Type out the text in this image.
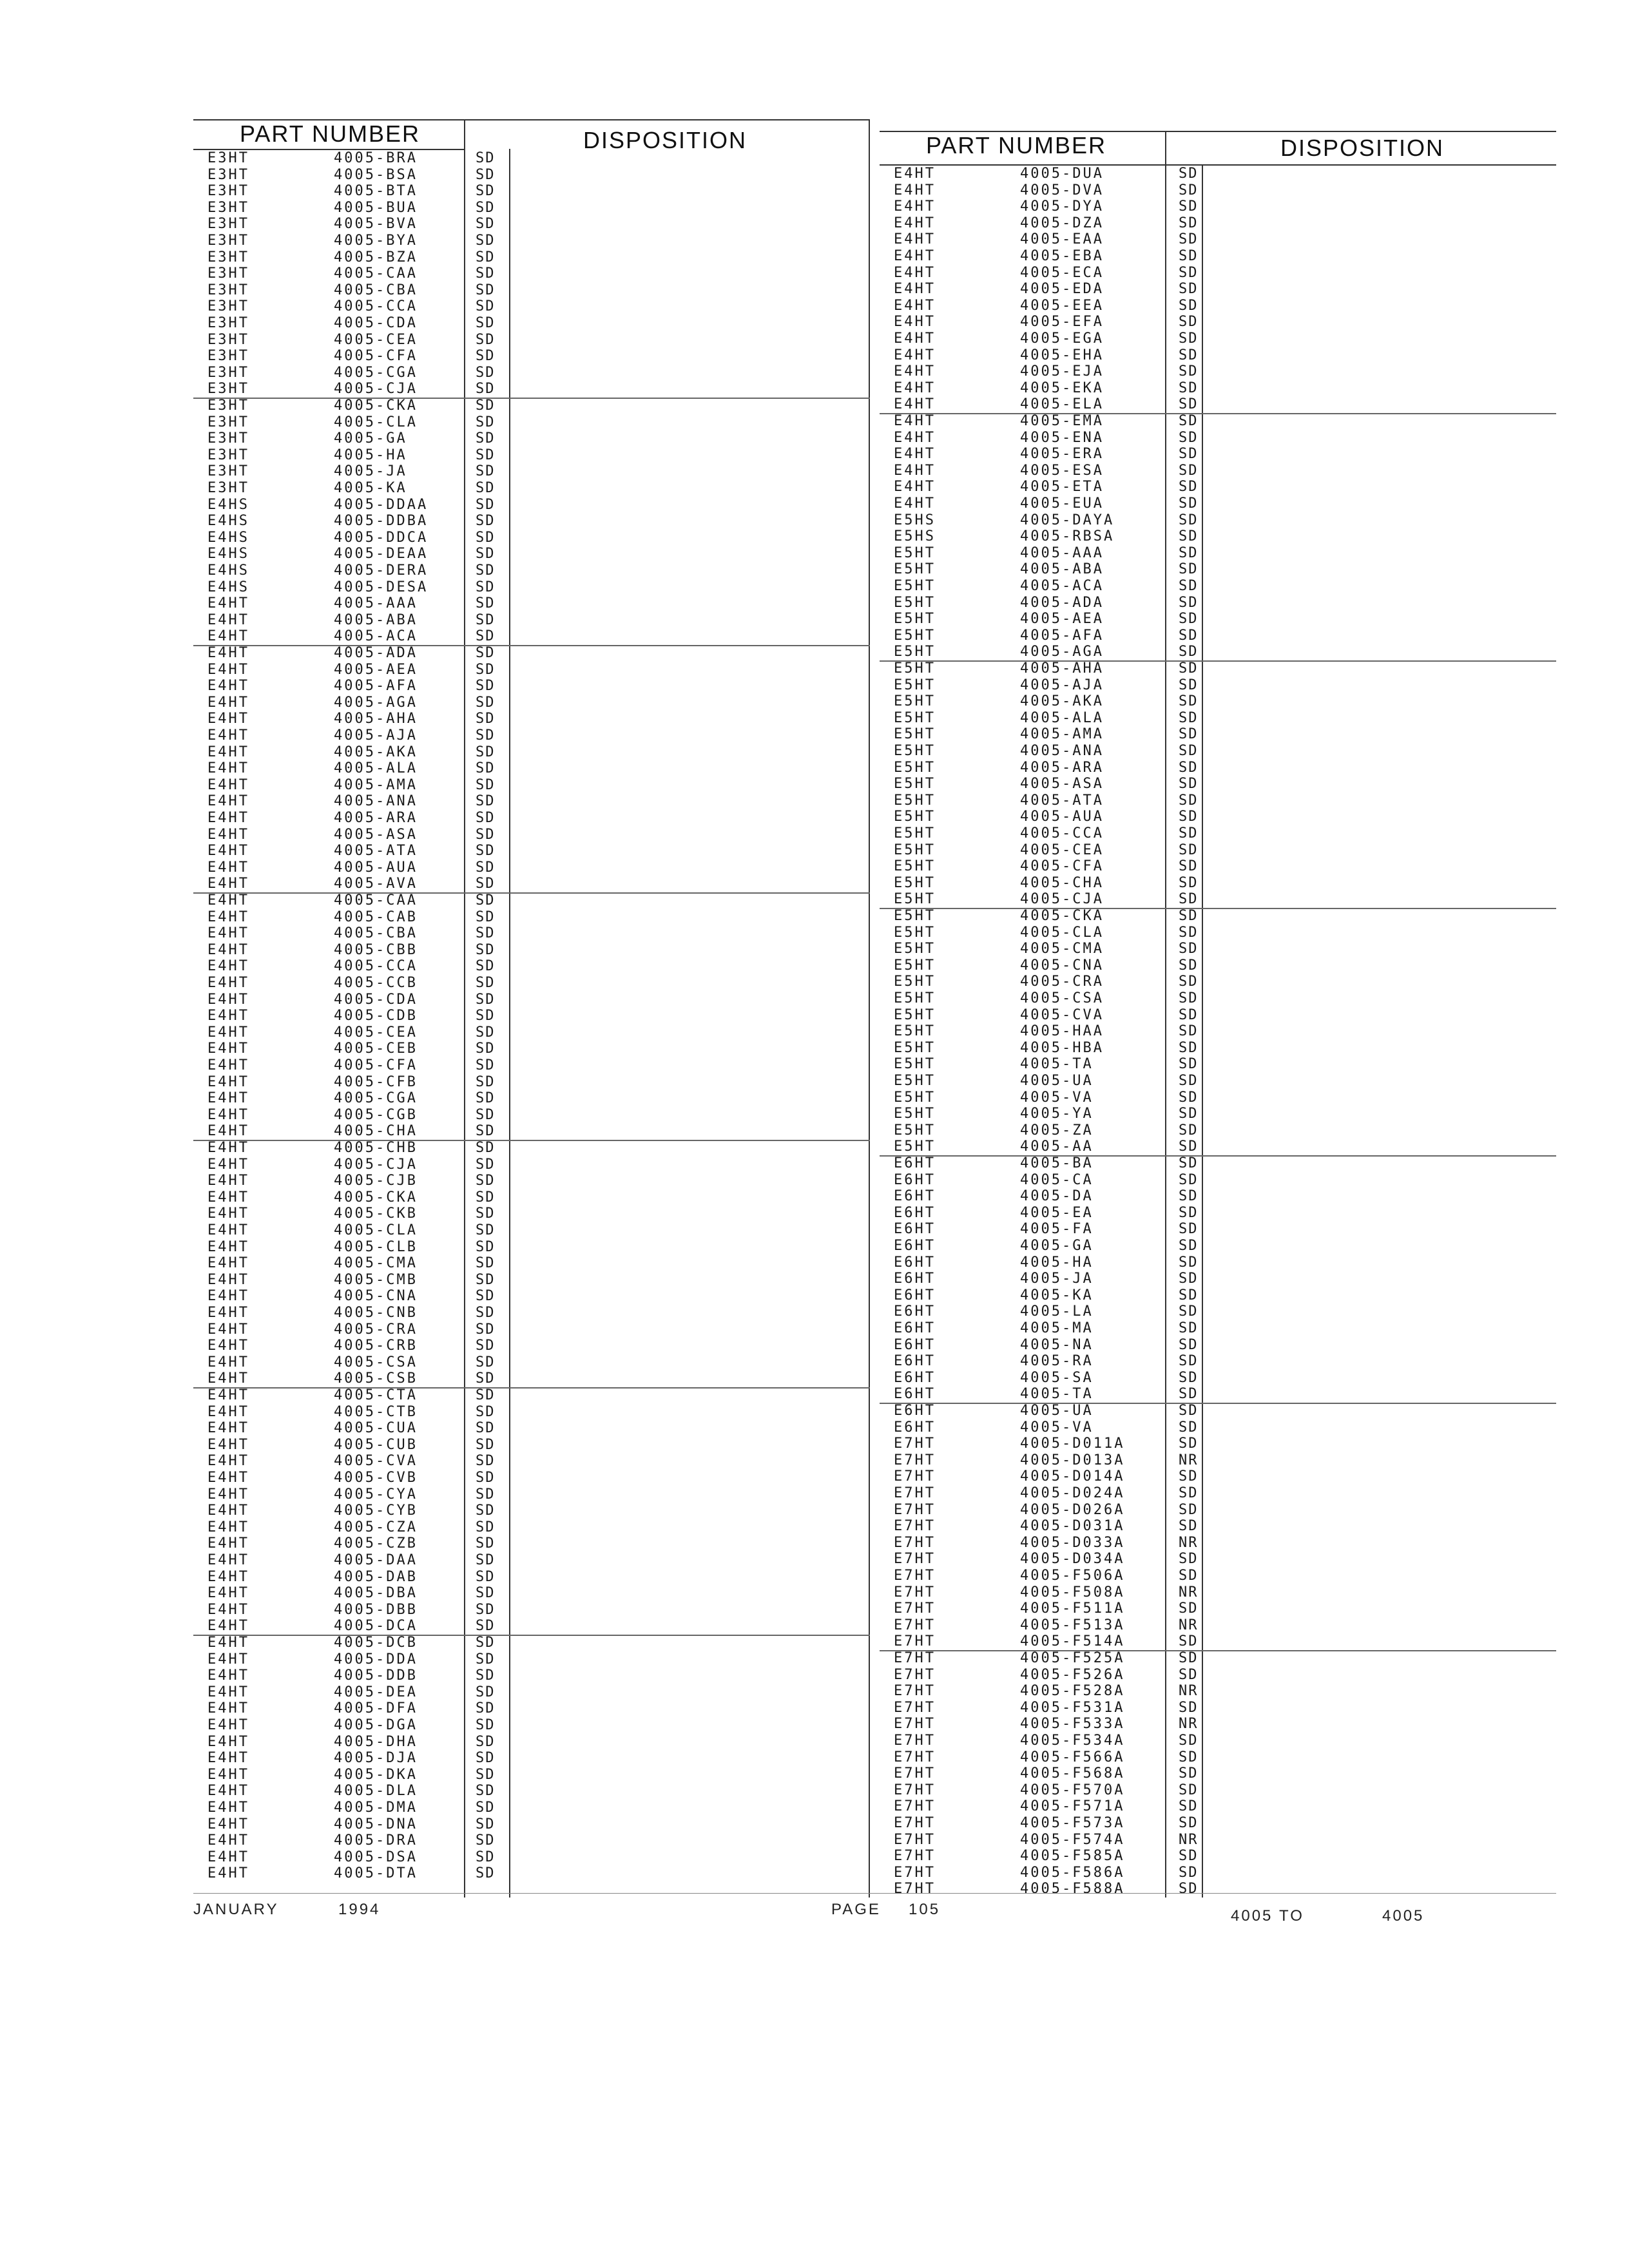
PART NUMBER	DISPOSITION
E3HT	4005-BRA	SD
E3HT	4005-BSA	SD
E3HT	4005-BTA	SD
E3HT	4005-BUA	SD
E3HT	4005-BVA	SD
E3HT	4005-BYA	SD
E3HT	4005-BZA	SD
E3HT	4005-CAA	SD
E3HT	4005-CBA	SD
E3HT	4005-CCA	SD
E3HT	4005-CDA	SD
E3HT	4005-CEA	SD
E3HT	4005-CFA	SD
E3HT	4005-CGA	SD
E3HT	4005-CJA	SD
E3HT	4005-CKA	SD
E3HT	4005-CLA	SD
E3HT	4005-GA	SD
E3HT	4005-HA	SD
E3HT	4005-JA	SD
E3HT	4005-KA	SD
E4HS	4005-DDAA	SD
E4HS	4005-DDBA	SD
E4HS	4005-DDCA	SD
E4HS	4005-DEAA	SD
E4HS	4005-DERA	SD
E4HS	4005-DESA	SD
E4HT	4005-AAA	SD
E4HT	4005-ABA	SD
E4HT	4005-ACA	SD
E4HT	4005-ADA	SD
E4HT	4005-AEA	SD
E4HT	4005-AFA	SD
E4HT	4005-AGA	SD
E4HT	4005-AHA	SD
E4HT	4005-AJA	SD
E4HT	4005-AKA	SD
E4HT	4005-ALA	SD
E4HT	4005-AMA	SD
E4HT	4005-ANA	SD
E4HT	4005-ARA	SD
E4HT	4005-ASA	SD
E4HT	4005-ATA	SD
E4HT	4005-AUA	SD
E4HT	4005-AVA	SD
E4HT	4005-CAA	SD
E4HT	4005-CAB	SD
E4HT	4005-CBA	SD
E4HT	4005-CBB	SD
E4HT	4005-CCA	SD
E4HT	4005-CCB	SD
E4HT	4005-CDA	SD
E4HT	4005-CDB	SD
E4HT	4005-CEA	SD
E4HT	4005-CEB	SD
E4HT	4005-CFA	SD
E4HT	4005-CFB	SD
E4HT	4005-CGA	SD
E4HT	4005-CGB	SD
E4HT	4005-CHA	SD
E4HT	4005-CHB	SD
E4HT	4005-CJA	SD
E4HT	4005-CJB	SD
E4HT	4005-CKA	SD
E4HT	4005-CKB	SD
E4HT	4005-CLA	SD
E4HT	4005-CLB	SD
E4HT	4005-CMA	SD
E4HT	4005-CMB	SD
E4HT	4005-CNA	SD
E4HT	4005-CNB	SD
E4HT	4005-CRA	SD
E4HT	4005-CRB	SD
E4HT	4005-CSA	SD
E4HT	4005-CSB	SD
E4HT	4005-CTA	SD
E4HT	4005-CTB	SD
E4HT	4005-CUA	SD
E4HT	4005-CUB	SD
E4HT	4005-CVA	SD
E4HT	4005-CVB	SD
E4HT	4005-CYA	SD
E4HT	4005-CYB	SD
E4HT	4005-CZA	SD
E4HT	4005-CZB	SD
E4HT	4005-DAA	SD
E4HT	4005-DAB	SD
E4HT	4005-DBA	SD
E4HT	4005-DBB	SD
E4HT	4005-DCA	SD
E4HT	4005-DCB	SD
E4HT	4005-DDA	SD
E4HT	4005-DDB	SD
E4HT	4005-DEA	SD
E4HT	4005-DFA	SD
E4HT	4005-DGA	SD
E4HT	4005-DHA	SD
E4HT	4005-DJA	SD
E4HT	4005-DKA	SD
E4HT	4005-DLA	SD
E4HT	4005-DMA	SD
E4HT	4005-DNA	SD
E4HT	4005-DRA	SD
E4HT	4005-DSA	SD
E4HT	4005-DTA	SD
PART NUMBER	DISPOSITION
E4HT	4005-DUA	SD
E4HT	4005-DVA	SD
E4HT	4005-DYA	SD
E4HT	4005-DZA	SD
E4HT	4005-EAA	SD
E4HT	4005-EBA	SD
E4HT	4005-ECA	SD
E4HT	4005-EDA	SD
E4HT	4005-EEA	SD
E4HT	4005-EFA	SD
E4HT	4005-EGA	SD
E4HT	4005-EHA	SD
E4HT	4005-EJA	SD
E4HT	4005-EKA	SD
E4HT	4005-ELA	SD
E4HT	4005-EMA	SD
E4HT	4005-ENA	SD
E4HT	4005-ERA	SD
E4HT	4005-ESA	SD
E4HT	4005-ETA	SD
E4HT	4005-EUA	SD
E5HS	4005-DAYA	SD
E5HS	4005-RBSA	SD
E5HT	4005-AAA	SD
E5HT	4005-ABA	SD
E5HT	4005-ACA	SD
E5HT	4005-ADA	SD
E5HT	4005-AEA	SD
E5HT	4005-AFA	SD
E5HT	4005-AGA	SD
E5HT	4005-AHA	SD
E5HT	4005-AJA	SD
E5HT	4005-AKA	SD
E5HT	4005-ALA	SD
E5HT	4005-AMA	SD
E5HT	4005-ANA	SD
E5HT	4005-ARA	SD
E5HT	4005-ASA	SD
E5HT	4005-ATA	SD
E5HT	4005-AUA	SD
E5HT	4005-CCA	SD
E5HT	4005-CEA	SD
E5HT	4005-CFA	SD
E5HT	4005-CHA	SD
E5HT	4005-CJA	SD
E5HT	4005-CKA	SD
E5HT	4005-CLA	SD
E5HT	4005-CMA	SD
E5HT	4005-CNA	SD
E5HT	4005-CRA	SD
E5HT	4005-CSA	SD
E5HT	4005-CVA	SD
E5HT	4005-HAA	SD
E5HT	4005-HBA	SD
E5HT	4005-TA	SD
E5HT	4005-UA	SD
E5HT	4005-VA	SD
E5HT	4005-YA	SD
E5HT	4005-ZA	SD
E5HT	4005-AA	SD
E6HT	4005-BA	SD
E6HT	4005-CA	SD
E6HT	4005-DA	SD
E6HT	4005-EA	SD
E6HT	4005-FA	SD
E6HT	4005-GA	SD
E6HT	4005-HA	SD
E6HT	4005-JA	SD
E6HT	4005-KA	SD
E6HT	4005-LA	SD
E6HT	4005-MA	SD
E6HT	4005-NA	SD
E6HT	4005-RA	SD
E6HT	4005-SA	SD
E6HT	4005-TA	SD
E6HT	4005-UA	SD
E6HT	4005-VA	SD
E7HT	4005-D011A	SD
E7HT	4005-D013A	NR
E7HT	4005-D014A	SD
E7HT	4005-D024A	SD
E7HT	4005-D026A	SD
E7HT	4005-D031A	SD
E7HT	4005-D033A	NR
E7HT	4005-D034A	SD
E7HT	4005-F506A	SD
E7HT	4005-F508A	NR
E7HT	4005-F511A	SD
E7HT	4005-F513A	NR
E7HT	4005-F514A	SD
E7HT	4005-F525A	SD
E7HT	4005-F526A	SD
E7HT	4005-F528A	NR
E7HT	4005-F531A	SD
E7HT	4005-F533A	NR
E7HT	4005-F534A	SD
E7HT	4005-F566A	SD
E7HT	4005-F568A	SD
E7HT	4005-F570A	SD
E7HT	4005-F571A	SD
E7HT	4005-F573A	SD
E7HT	4005-F574A	NR
E7HT	4005-F585A	SD
E7HT	4005-F586A	SD
E7HT	4005-F588A	SD
JANUARY	1994	PAGE 105	4005 TO	4005
